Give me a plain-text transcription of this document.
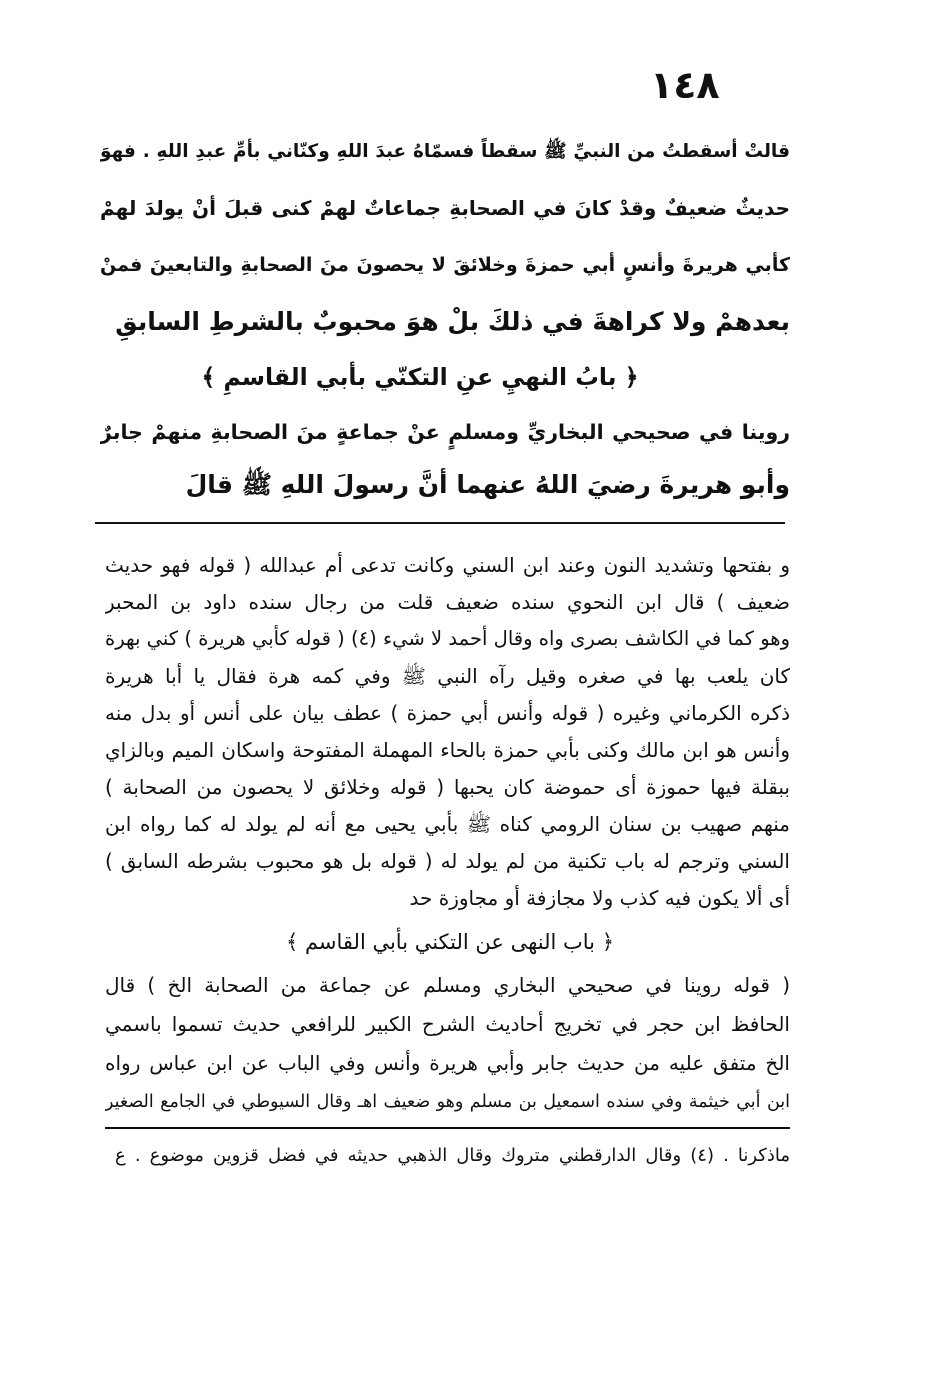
١٤٨
قالتْ أسقطتُ من النبيِّ ﷺ سقطاً فسمّاهُ عبدَ اللهِ وكنّاني بأمِّ عبدِ اللهِ . فهوَ
حديثٌ ضعيفٌ وقدْ كانَ في الصحابةِ جماعاتٌ لهمْ كنى قبلَ أنْ يولدَ لهمْ
كأبي هريرةَ وأنسٍ أبي حمزةَ وخلائقَ لا يحصونَ منَ الصحابةِ والتابعينَ فمنْ
بعدهمْ ولا كراهةَ في ذلكَ بلْ هوَ محبوبٌ بالشرطِ السابقِ
﴿ بابُ النهيِ عنِ التكنّي بأبي القاسمِ ﴾
روينا في صحيحي البخاريِّ ومسلمٍ عنْ جماعةٍ منَ الصحابةِ منهمْ جابرٌ
وأبو هريرةَ رضيَ اللهُ عنهما أنَّ رسولَ اللهِ ﷺ قالَ
و بفتحها وتشديد النون وعند ابن السني وكانت تدعى أم عبدالله ( قوله فهو حديث
ضعيف ) قال ابن النحوي سنده ضعيف قلت من رجال سنده داود بن المحبر
وهو كما في الكاشف بصرى واه وقال أحمد لا شيء (٤) ( قوله كأبي هريرة ) كني بهرة
كان يلعب بها في صغره وقيل رآه النبي ﷺ وفي كمه هرة فقال يا أبا هريرة
ذكره الكرماني وغيره ( قوله وأنس أبي حمزة ) عطف بيان على أنس أو بدل منه
وأنس هو ابن مالك وكنى بأبي حمزة بالحاء المهملة المفتوحة واسكان الميم وبالزاي
ببقلة فيها حموزة أى حموضة كان يحبها ( قوله وخلائق لا يحصون من الصحابة )
منهم صهيب بن سنان الرومي كناه ﷺ بأبي يحيى مع أنه لم يولد له كما رواه ابن
السني وترجم له باب تكنية من لم يولد له ( قوله بل هو محبوب بشرطه السابق )
أى ألا يكون فيه كذب ولا مجازفة أو مجاوزة حد
﴿ باب النهى عن التكني بأبي القاسم ﴾
( قوله روينا في صحيحي البخاري ومسلم عن جماعة من الصحابة الخ ) قال
الحافظ ابن حجر في تخريج أحاديث الشرح الكبير للرافعي حديث تسموا باسمي
الخ متفق عليه من حديث جابر وأبي هريرة وأنس وفي الباب عن ابن عباس رواه
ابن أبي خيثمة وفي سنده اسمعيل بن مسلم وهو ضعيف اهـ وقال السيوطي في الجامع الصغير
ماذكرنا . (٤) وقال الدارقطني متروك وقال الذهبي حديثه في فضل قزوين موضوع . ع
